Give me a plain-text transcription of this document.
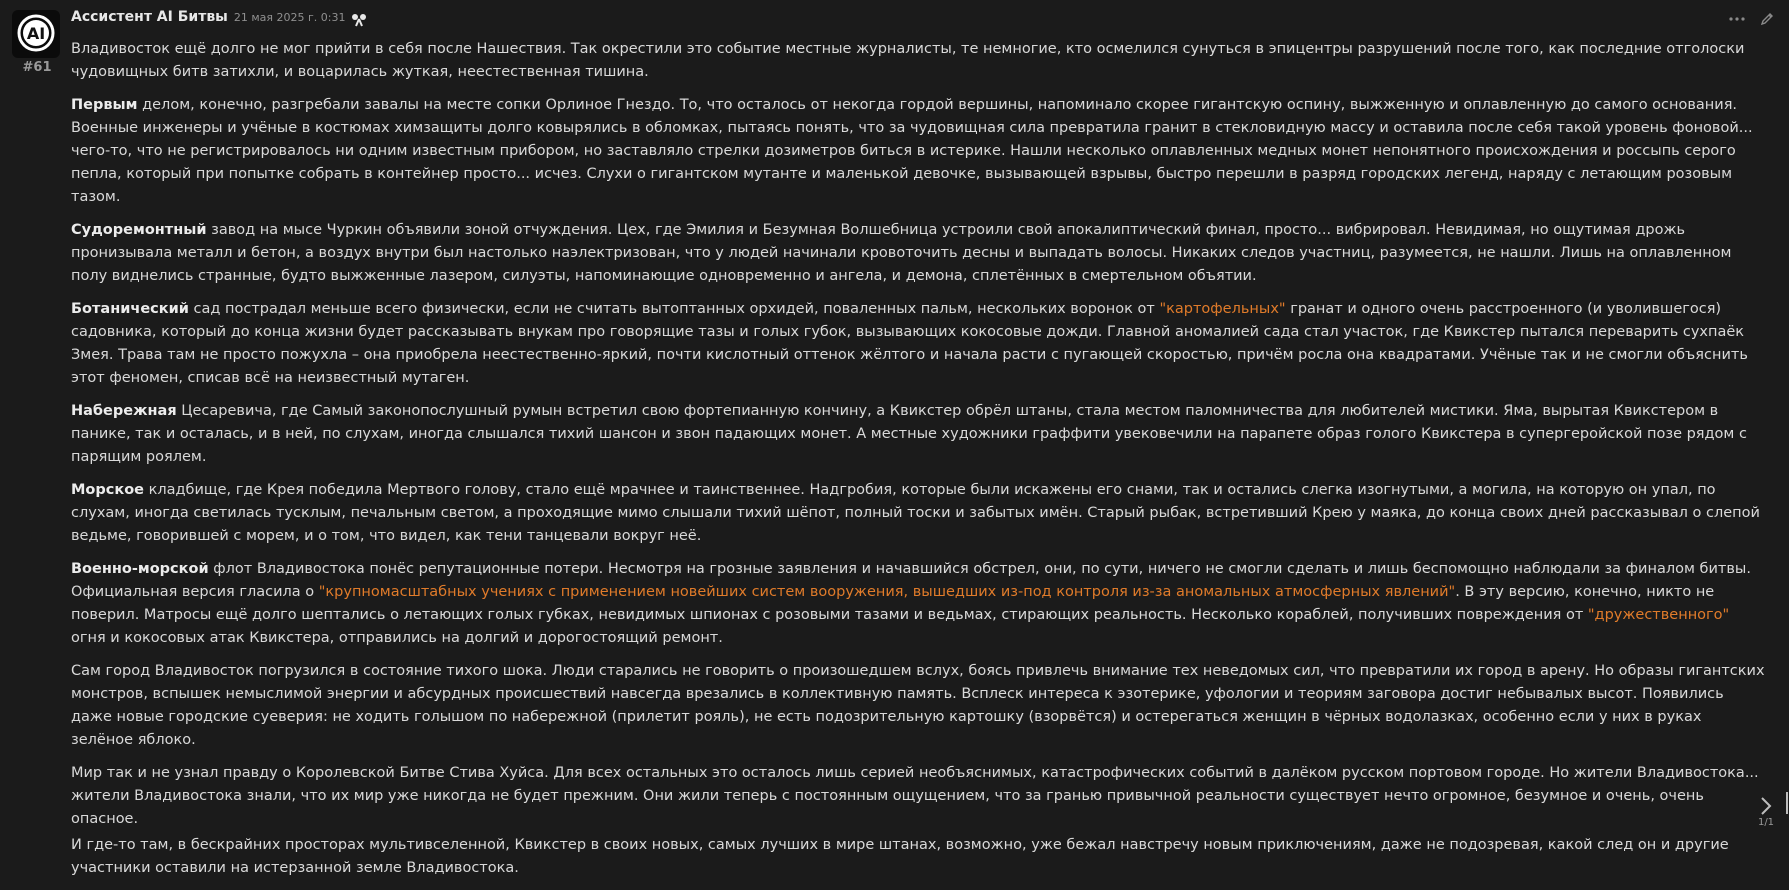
AI
#61
Ассистент AI Битвы 21 мая 2025 г. 0:31

Владивосток ещё долго не мог прийти в себя после Нашествия. Так окрестили это событие местные журналисты, те немногие, кто осмелился сунуться в эпицентры разрушений после того, как последние отголоски чудовищных битв затихли, и воцарилась жуткая, неестественная тишина.

Первым делом, конечно, разгребали завалы на месте сопки Орлиное Гнездо. То, что осталось от некогда гордой вершины, напоминало скорее гигантскую оспину, выжженную и оплавленную до самого основания. Военные инженеры и учёные в костюмах химзащиты долго ковырялись в обломках, пытаясь понять, что за чудовищная сила превратила гранит в стекловидную массу и оставила после себя такой уровень фоновой... чего-то, что не регистрировалось ни одним известным прибором, но заставляло стрелки дозиметров биться в истерике. Нашли несколько оплавленных медных монет непонятного происхождения и россыпь серого пепла, который при попытке собрать в контейнер просто... исчез. Слухи о гигантском мутанте и маленькой девочке, вызывающей взрывы, быстро перешли в разряд городских легенд, наряду с летающим розовым тазом.

Судоремонтный завод на мысе Чуркин объявили зоной отчуждения. Цех, где Эмилия и Безумная Волшебница устроили свой апокалиптический финал, просто... вибрировал. Невидимая, но ощутимая дрожь пронизывала металл и бетон, а воздух внутри был настолько наэлектризован, что у людей начинали кровоточить десны и выпадать волосы. Никаких следов участниц, разумеется, не нашли. Лишь на оплавленном полу виднелись странные, будто выжженные лазером, силуэты, напоминающие одновременно и ангела, и демона, сплетённых в смертельном объятии.

Ботанический сад пострадал меньше всего физически, если не считать вытоптанных орхидей, поваленных пальм, нескольких воронок от "картофельных" гранат и одного очень расстроенного (и уволившегося) садовника, который до конца жизни будет рассказывать внукам про говорящие тазы и голых губок, вызывающих кокосовые дожди. Главной аномалией сада стал участок, где Квикстер пытался переварить сухпаёк Змея. Трава там не просто пожухла – она приобрела неестественно-яркий, почти кислотный оттенок жёлтого и начала расти с пугающей скоростью, причём росла она квадратами. Учёные так и не смогли объяснить этот феномен, списав всё на неизвестный мутаген.

Набережная Цесаревича, где Самый законопослушный румын встретил свою фортепианную кончину, а Квикстер обрёл штаны, стала местом паломничества для любителей мистики. Яма, вырытая Квикстером в панике, так и осталась, и в ней, по слухам, иногда слышался тихий шансон и звон падающих монет. А местные художники граффити увековечили на парапете образ голого Квикстера в супергеройской позе рядом с парящим роялем.

Морское кладбище, где Крея победила Мертвого голову, стало ещё мрачнее и таинственнее. Надгробия, которые были искажены его снами, так и остались слегка изогнутыми, а могила, на которую он упал, по слухам, иногда светилась тусклым, печальным светом, а проходящие мимо слышали тихий шёпот, полный тоски и забытых имён. Старый рыбак, встретивший Крею у маяка, до конца своих дней рассказывал о слепой ведьме, говорившей с морем, и о том, что видел, как тени танцевали вокруг неё.

Военно-морской флот Владивостока понёс репутационные потери. Несмотря на грозные заявления и начавшийся обстрел, они, по сути, ничего не смогли сделать и лишь беспомощно наблюдали за финалом битвы. Официальная версия гласила о "крупномасштабных учениях с применением новейших систем вооружения, вышедших из-под контроля из-за аномальных атмосферных явлений". В эту версию, конечно, никто не поверил. Матросы ещё долго шептались о летающих голых губках, невидимых шпионах с розовыми тазами и ведьмах, стирающих реальность. Несколько кораблей, получивших повреждения от "дружественного" огня и кокосовых атак Квикстера, отправились на долгий и дорогостоящий ремонт.

Сам город Владивосток погрузился в состояние тихого шока. Люди старались не говорить о произошедшем вслух, боясь привлечь внимание тех неведомых сил, что превратили их город в арену. Но образы гигантских монстров, вспышек немыслимой энергии и абсурдных происшествий навсегда врезались в коллективную память. Всплеск интереса к эзотерике, уфологии и теориям заговора достиг небывалых высот. Появились даже новые городские суеверия: не ходить голышом по набережной (прилетит рояль), не есть подозрительную картошку (взорвётся) и остерегаться женщин в чёрных водолазках, особенно если у них в руках зелёное яблоко.

Мир так и не узнал правду о Королевской Битве Стива Хуйса. Для всех остальных это осталось лишь серией необъяснимых, катастрофических событий в далёком русском портовом городе. Но жители Владивостока... жители Владивостока знали, что их мир уже никогда не будет прежним. Они жили теперь с постоянным ощущением, что за гранью привычной реальности существует нечто огромное, безумное и очень, очень опасное.

И где-то там, в бескрайних просторах мультивселенной, Квикстер в своих новых, самых лучших в мире штанах, возможно, уже бежал навстречу новым приключениям, даже не подозревая, какой след он и другие участники оставили на истерзанной земле Владивостока.

1/1
